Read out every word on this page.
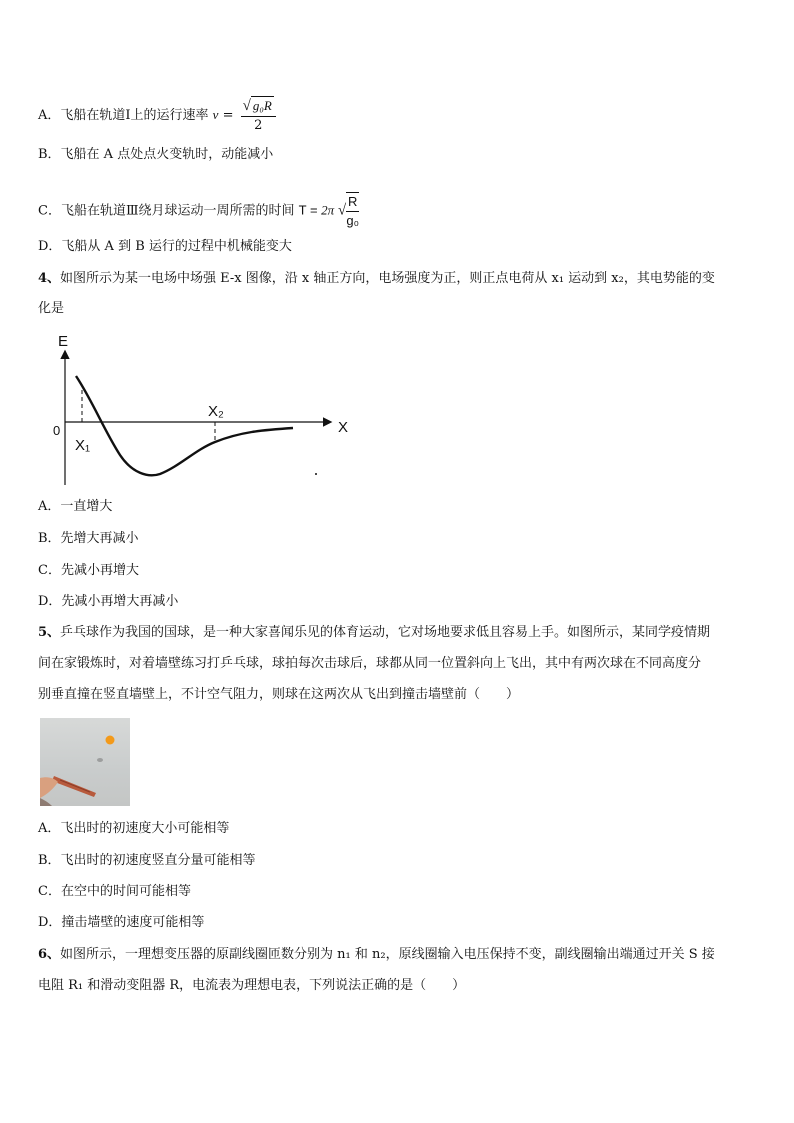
A．飞船在轨道Ⅰ上的运行速率 $v = \frac{\text{√ g₀R}}{2}$
B．飞船在 A 点处点火变轨时，动能减小
C．飞船在轨道Ⅲ绕月球运动一周所需的时间 T = 2π √ $\frac{R}{\text{g₀}}$
D．飞船从 A 到 B 运行的过程中机械能变大
4、如图所示为某一电场中场强 E-x 图像，沿 x 轴正方向，电场强度为正，则正点电荷从 x₁ 运动到 x₂，其电势能的变
化是
E
X
0
X₁
X₂
A．一直增大
B．先增大再减小
C．先减小再增大
D．先减小再增大再减小
5、乒乓球作为我国的国球，是一种大家喜闻乐见的体育运动，它对场地要求低且容易上手。如图所示，某同学疫情期
间在家锻炼时，对着墙壁练习打乒乓球，球拍每次击球后，球都从同一位置斜向上飞出，其中有两次球在不同高度分
别垂直撞在竖直墙壁上，不计空气阻力，则球在这两次从飞出到撞击墙壁前（　　）
A．飞出时的初速度大小可能相等
B．飞出时的初速度竖直分量可能相等
C．在空中的时间可能相等
D．撞击墙壁的速度可能相等
6、如图所示，一理想变压器的原副线圈匝数分别为 n₁ 和 n₂，原线圈输入电压保持不变，副线圈输出端通过开关 S 接
电阻 R₁ 和滑动变阻器 R，电流表为理想电表，下列说法正确的是（　　）
